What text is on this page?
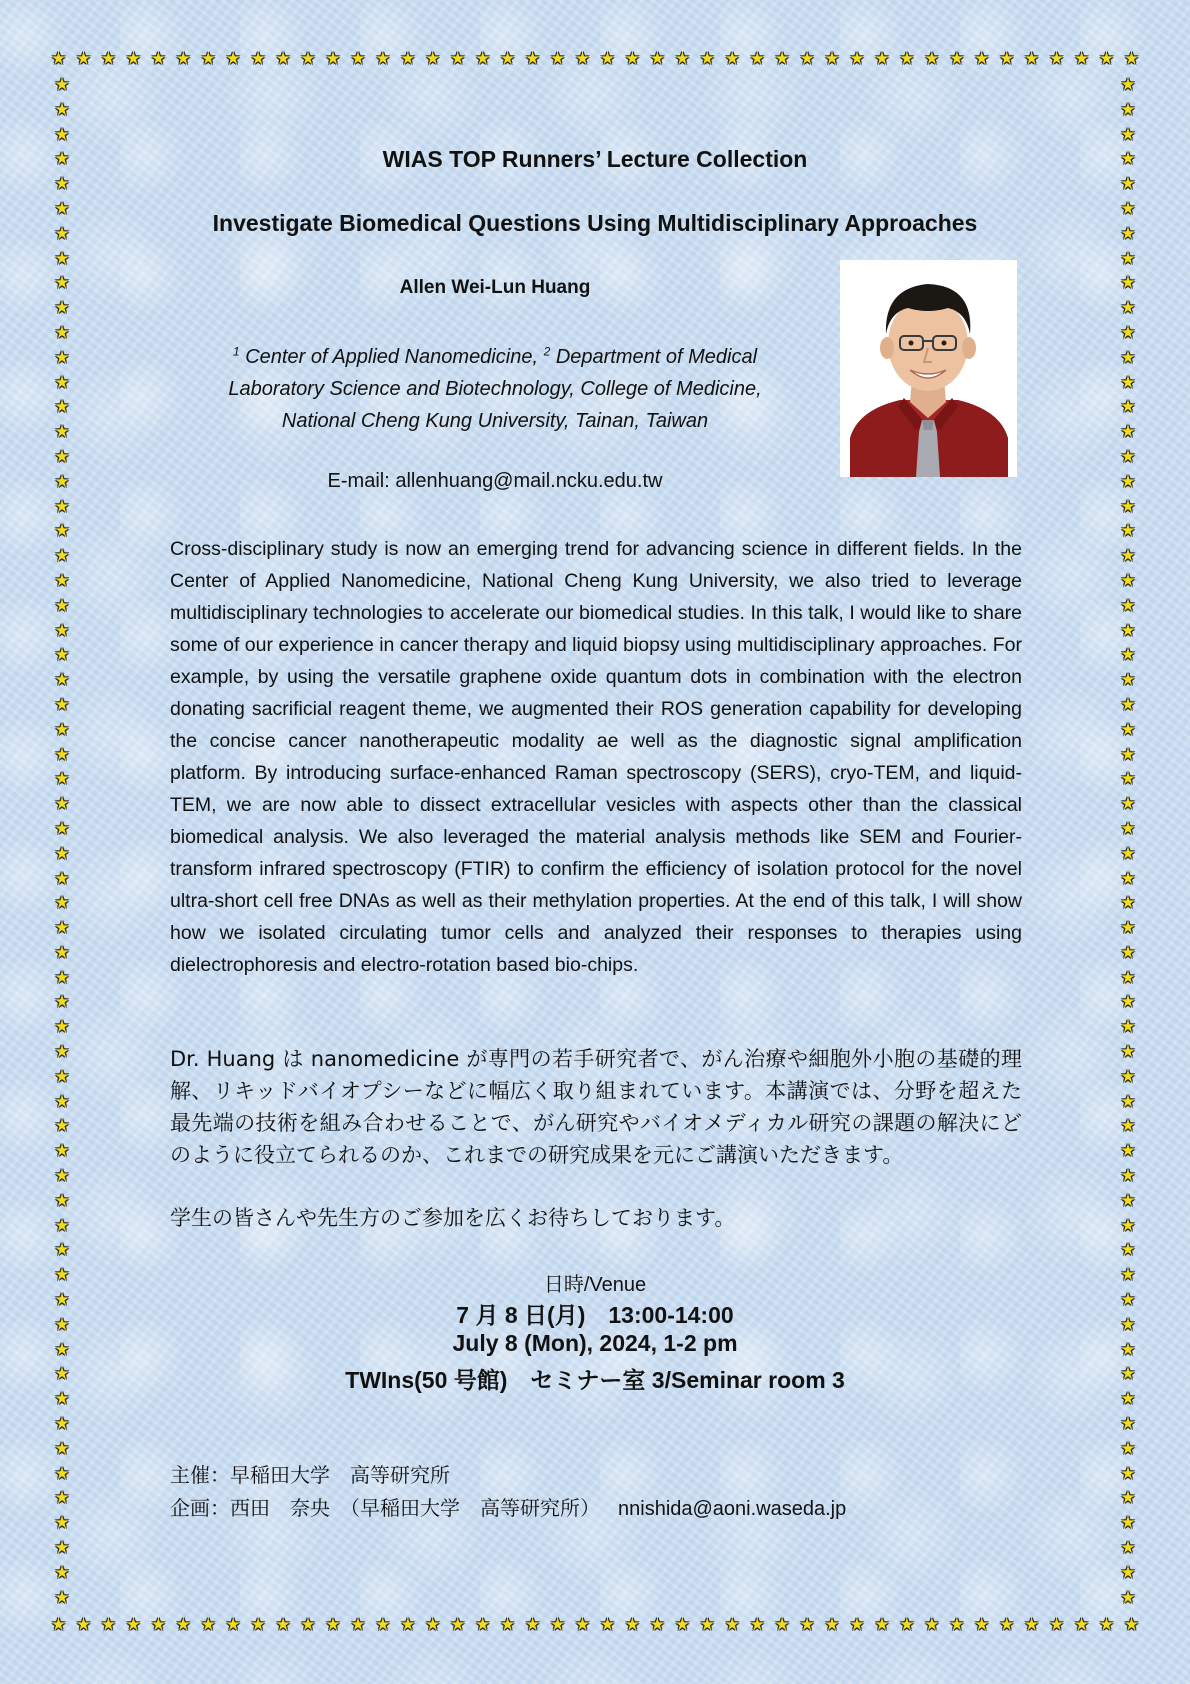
★ ★ ★ ★ ★ ★ ★ ★ ★ ★ ★ ★ ★ ★ ★ ★ ★ ★ ★ ★ ★ ★ ★ ★ ★ ★ ★ ★ ★ ★ ★ ★ ★ ★ ★ ★ ★ ★ ★ ★ ★ ★ ★ ★
★ ★ ★ ★ ★ ★ ★ ★ ★ ★ ★ ★ ★ ★ ★ ★ ★ ★ ★ ★ ★ ★ ★ ★ ★ ★ ★ ★ ★ ★ ★ ★ ★ ★ ★ ★ ★ ★ ★ ★ ★ ★ ★ ★
★
★
★
★
★
★
★
★
★
★
★
★
★
★
★
★
★
★
★
★
★
★
★
★
★
★
★
★
★
★
★
★
★
★
★
★
★
★
★
★
★
★
★
★
★
★
★
★
★
★
★
★
★
★
★
★
★
★
★
★
★
★
★
★
★
★
★
★
★
★
★
★
★
★
★
★
★
★
★
★
★
★
★
★
★
★
★
★
★
★
★
★
★
★
★
★
★
★
★
★
★
★
★
★
★
★
★
★
★
★
★
★
★
★
★
★
★
★
★
★
★
★
★
★
WIAS TOP Runners’ Lecture Collection
Investigate Biomedical Questions Using Multidisciplinary Approaches
Allen Wei-Lun Huang
$^1$ Center of Applied Nanomedicine, $^2$ Department of Medical
Laboratory Science and Biotechnology, College of Medicine,
National Cheng Kung University, Tainan, Taiwan
E-mail: allenhuang@mail.ncku.edu.tw

Cross-disciplinary study is now an emerging trend for advancing science in different fields. In the Center of Applied Nanomedicine, National Cheng Kung University, we also tried to leverage multidisciplinary technologies to accelerate our biomedical studies. In this talk, I would like to share some of our experience in cancer therapy and liquid biopsy using multidisciplinary approaches. For example, by using the versatile graphene oxide quantum dots in combination with the electron donating sacrificial reagent theme, we augmented their ROS generation capability for developing the concise cancer nanotherapeutic modality ae well as the diagnostic signal amplification platform. By introducing surface-enhanced Raman spectroscopy (SERS), cryo-TEM, and liquid-TEM, we are now able to dissect extracellular vesicles with aspects other than the classical biomedical analysis. We also leveraged the material analysis methods like SEM and Fourier-transform infrared spectroscopy (FTIR) to confirm the efficiency of isolation protocol for the novel ultra-short cell free DNAs as well as their methylation properties. At the end of this talk, I will show how we isolated circulating tumor cells and analyzed their responses to therapies using dielectrophoresis and electro-rotation based bio-chips.

Dr. Huang は nanomedicine が専門の若手研究者で、がん治療や細胞外小胞の基礎的理解、リキッドバイオプシーなどに幅広く取り組まれています。本講演では、分野を超えた最先端の技術を組み合わせることで、がん研究やバイオメディカル研究の課題の解決にどのように役立てられるのか、これまでの研究成果を元にご講演いただきます。

学生の皆さんや先生方のご参加を広くお待ちしております。

日時/Venue
7 月 8 日(月)　13:00-14:00
July 8 (Mon), 2024, 1-2 pm
TWIns(50 号館)　セミナー室 3/Seminar room 3
主催：早稲田大学　高等研究所
企画：西田　奈央　（早稲田大学　高等研究所） nnishida@aoni.waseda.jp
